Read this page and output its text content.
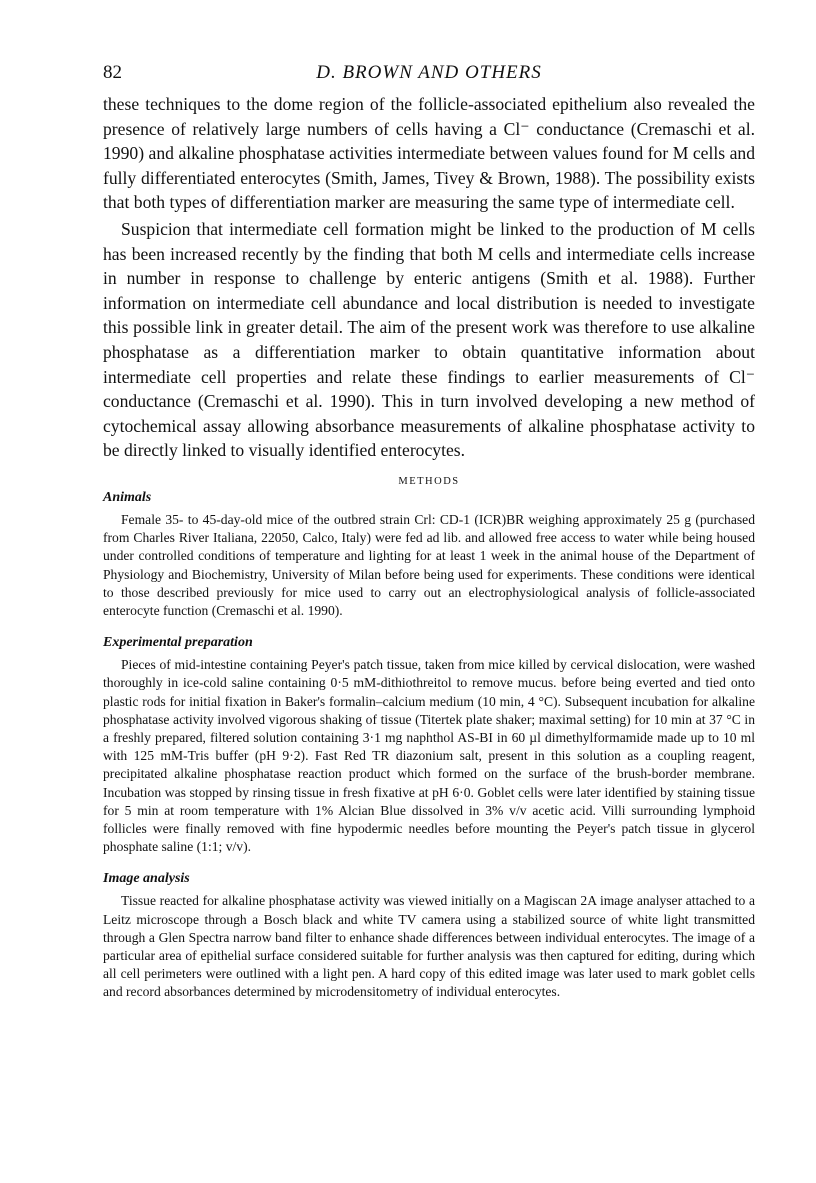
82	D. BROWN AND OTHERS

these techniques to the dome region of the follicle-associated epithelium also revealed the presence of relatively large numbers of cells having a Cl⁻ conductance (Cremaschi et al. 1990) and alkaline phosphatase activities intermediate between values found for M cells and fully differentiated enterocytes (Smith, James, Tivey & Brown, 1988). The possibility exists that both types of differentiation marker are measuring the same type of intermediate cell.

Suspicion that intermediate cell formation might be linked to the production of M cells has been increased recently by the finding that both M cells and intermediate cells increase in number in response to challenge by enteric antigens (Smith et al. 1988). Further information on intermediate cell abundance and local distribution is needed to investigate this possible link in greater detail. The aim of the present work was therefore to use alkaline phosphatase as a differentiation marker to obtain quantitative information about intermediate cell properties and relate these findings to earlier measurements of Cl⁻ conductance (Cremaschi et al. 1990). This in turn involved developing a new method of cytochemical assay allowing absorbance measurements of alkaline phosphatase activity to be directly linked to visually identified enterocytes.

METHODS
Animals

Female 35- to 45-day-old mice of the outbred strain Crl: CD-1 (ICR)BR weighing approximately 25 g (purchased from Charles River Italiana, 22050, Calco, Italy) were fed ad lib. and allowed free access to water while being housed under controlled conditions of temperature and lighting for at least 1 week in the animal house of the Department of Physiology and Biochemistry, University of Milan before being used for experiments. These conditions were identical to those described previously for mice used to carry out an electrophysiological analysis of follicle-associated enterocyte function (Cremaschi et al. 1990).

Experimental preparation

Pieces of mid-intestine containing Peyer's patch tissue, taken from mice killed by cervical dislocation, were washed thoroughly in ice-cold saline containing 0·5 mM-dithiothreitol to remove mucus. before being everted and tied onto plastic rods for initial fixation in Baker's formalin–calcium medium (10 min, 4 °C). Subsequent incubation for alkaline phosphatase activity involved vigorous shaking of tissue (Titertek plate shaker; maximal setting) for 10 min at 37 °C in a freshly prepared, filtered solution containing 3·1 mg naphthol AS-BI in 60 µl dimethylformamide made up to 10 ml with 125 mM-Tris buffer (pH 9·2). Fast Red TR diazonium salt, present in this solution as a coupling reagent, precipitated alkaline phosphatase reaction product which formed on the surface of the brush-border membrane. Incubation was stopped by rinsing tissue in fresh fixative at pH 6·0. Goblet cells were later identified by staining tissue for 5 min at room temperature with 1% Alcian Blue dissolved in 3% v/v acetic acid. Villi surrounding lymphoid follicles were finally removed with fine hypodermic needles before mounting the Peyer's patch tissue in glycerol phosphate saline (1:1; v/v).

Image analysis

Tissue reacted for alkaline phosphatase activity was viewed initially on a Magiscan 2A image analyser attached to a Leitz microscope through a Bosch black and white TV camera using a stabilized source of white light transmitted through a Glen Spectra narrow band filter to enhance shade differences between individual enterocytes. The image of a particular area of epithelial surface considered suitable for further analysis was then captured for editing, during which all cell perimeters were outlined with a light pen. A hard copy of this edited image was later used to mark goblet cells and record absorbances determined by microdensitometry of individual enterocytes.
